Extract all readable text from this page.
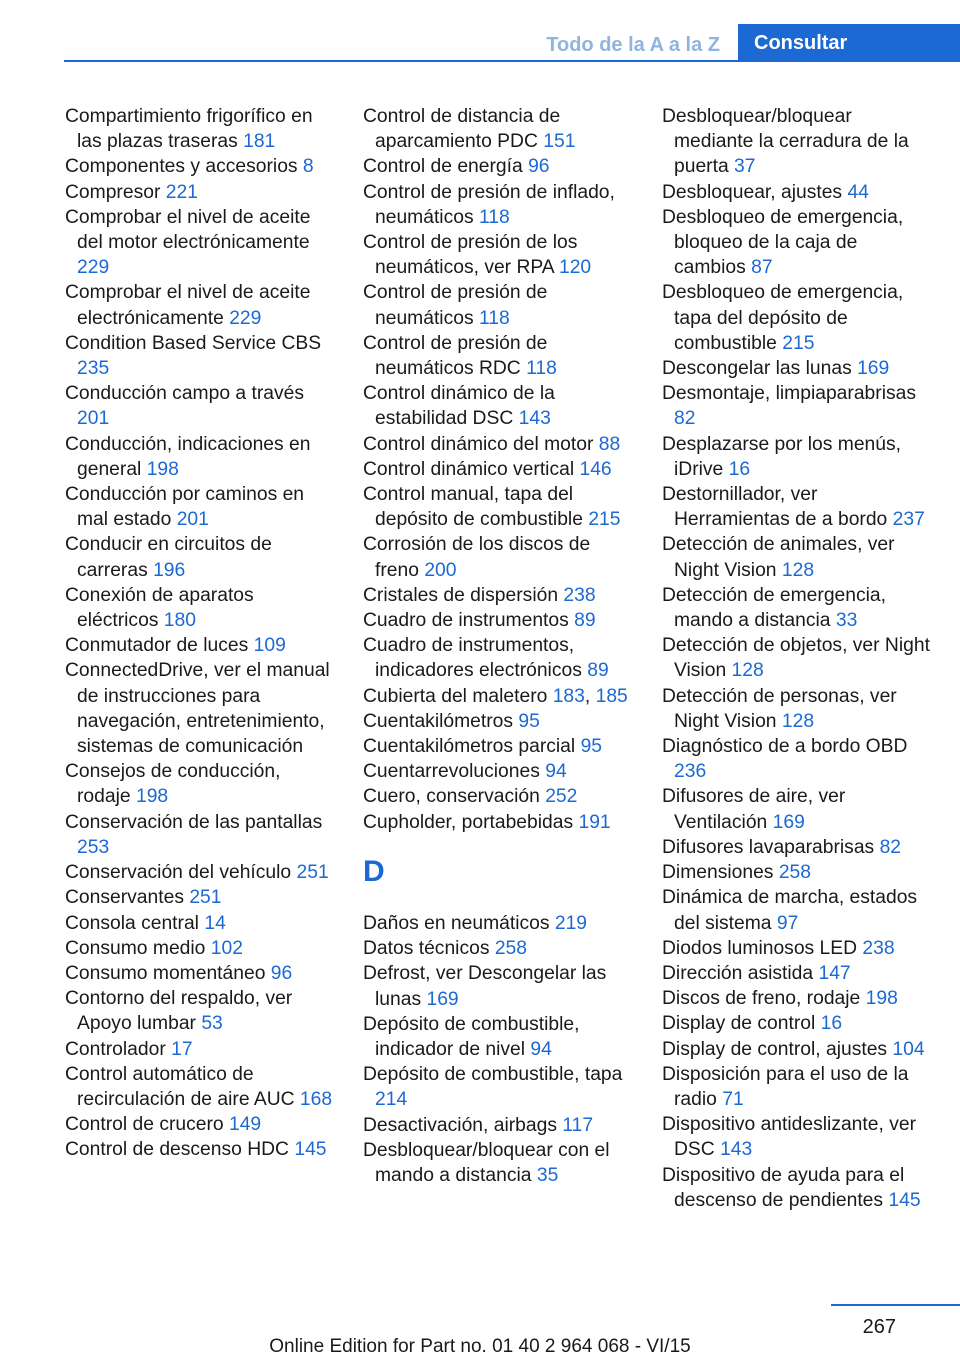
Todo de la A a la Z	Consultar
Compartimiento frigorífico en las plazas traseras 181
Componentes y accesorios 8
Compresor 221
Comprobar el nivel de aceite del motor electrónicamente 229
Comprobar el nivel de aceite electrónicamente 229
Condition Based Service CBS 235
Conducción campo a través 201
Conducción, indicaciones en general 198
Conducción por caminos en mal estado 201
Conducir en circuitos de carreras 196
Conexión de aparatos eléctricos 180
Conmutador de luces 109
ConnectedDrive, ver el manual de instrucciones para navegación, entretenimiento, sistemas de comunicación
Consejos de conducción, rodaje 198
Conservación de las pantallas 253
Conservación del vehículo 251
Conservantes 251
Consola central 14
Consumo medio 102
Consumo momentáneo 96
Contorno del respaldo, ver Apoyo lumbar 53
Controlador 17
Control automático de recirculación de aire AUC 168
Control de crucero 149
Control de descenso HDC 145
Control de distancia de aparcamiento PDC 151
Control de energía 96
Control de presión de inflado, neumáticos 118
Control de presión de los neumáticos, ver RPA 120
Control de presión de neumáticos 118
Control de presión de neumáticos RDC 118
Control dinámico de la estabilidad DSC 143
Control dinámico del motor 88
Control dinámico vertical 146
Control manual, tapa del depósito de combustible 215
Corrosión de los discos de freno 200
Cristales de dispersión 238
Cuadro de instrumentos 89
Cuadro de instrumentos, indicadores electrónicos 89
Cubierta del maletero 183, 185
Cuentakilómetros 95
Cuentakilómetros parcial 95
Cuentarrevoluciones 94
Cuero, conservación 252
Cupholder, portabebidas 191
D
Daños en neumáticos 219
Datos técnicos 258
Defrost, ver Descongelar las lunas 169
Depósito de combustible, indicador de nivel 94
Depósito de combustible, tapa 214
Desactivación, airbags 117
Desbloquear/bloquear con el mando a distancia 35
Desbloquear/bloquear mediante la cerradura de la puerta 37
Desbloquear, ajustes 44
Desbloqueo de emergencia, bloqueo de la caja de cambios 87
Desbloqueo de emergencia, tapa del depósito de combustible 215
Descongelar las lunas 169
Desmontaje, limpiaparabrisas 82
Desplazarse por los menús, iDrive 16
Destornillador, ver Herramientas de a bordo 237
Detección de animales, ver Night Vision 128
Detección de emergencia, mando a distancia 33
Detección de objetos, ver Night Vision 128
Detección de personas, ver Night Vision 128
Diagnóstico de a bordo OBD 236
Difusores de aire, ver Ventilación 169
Difusores lavaparabrisas 82
Dimensiones 258
Dinámica de marcha, estados del sistema 97
Diodos luminosos LED 238
Dirección asistida 147
Discos de freno, rodaje 198
Display de control 16
Display de control, ajustes 104
Disposición para el uso de la radio 71
Dispositivo antideslizante, ver DSC 143
Dispositivo de ayuda para el descenso de pendientes 145
267
Online Edition for Part no. 01 40 2 964 068 - VI/15
